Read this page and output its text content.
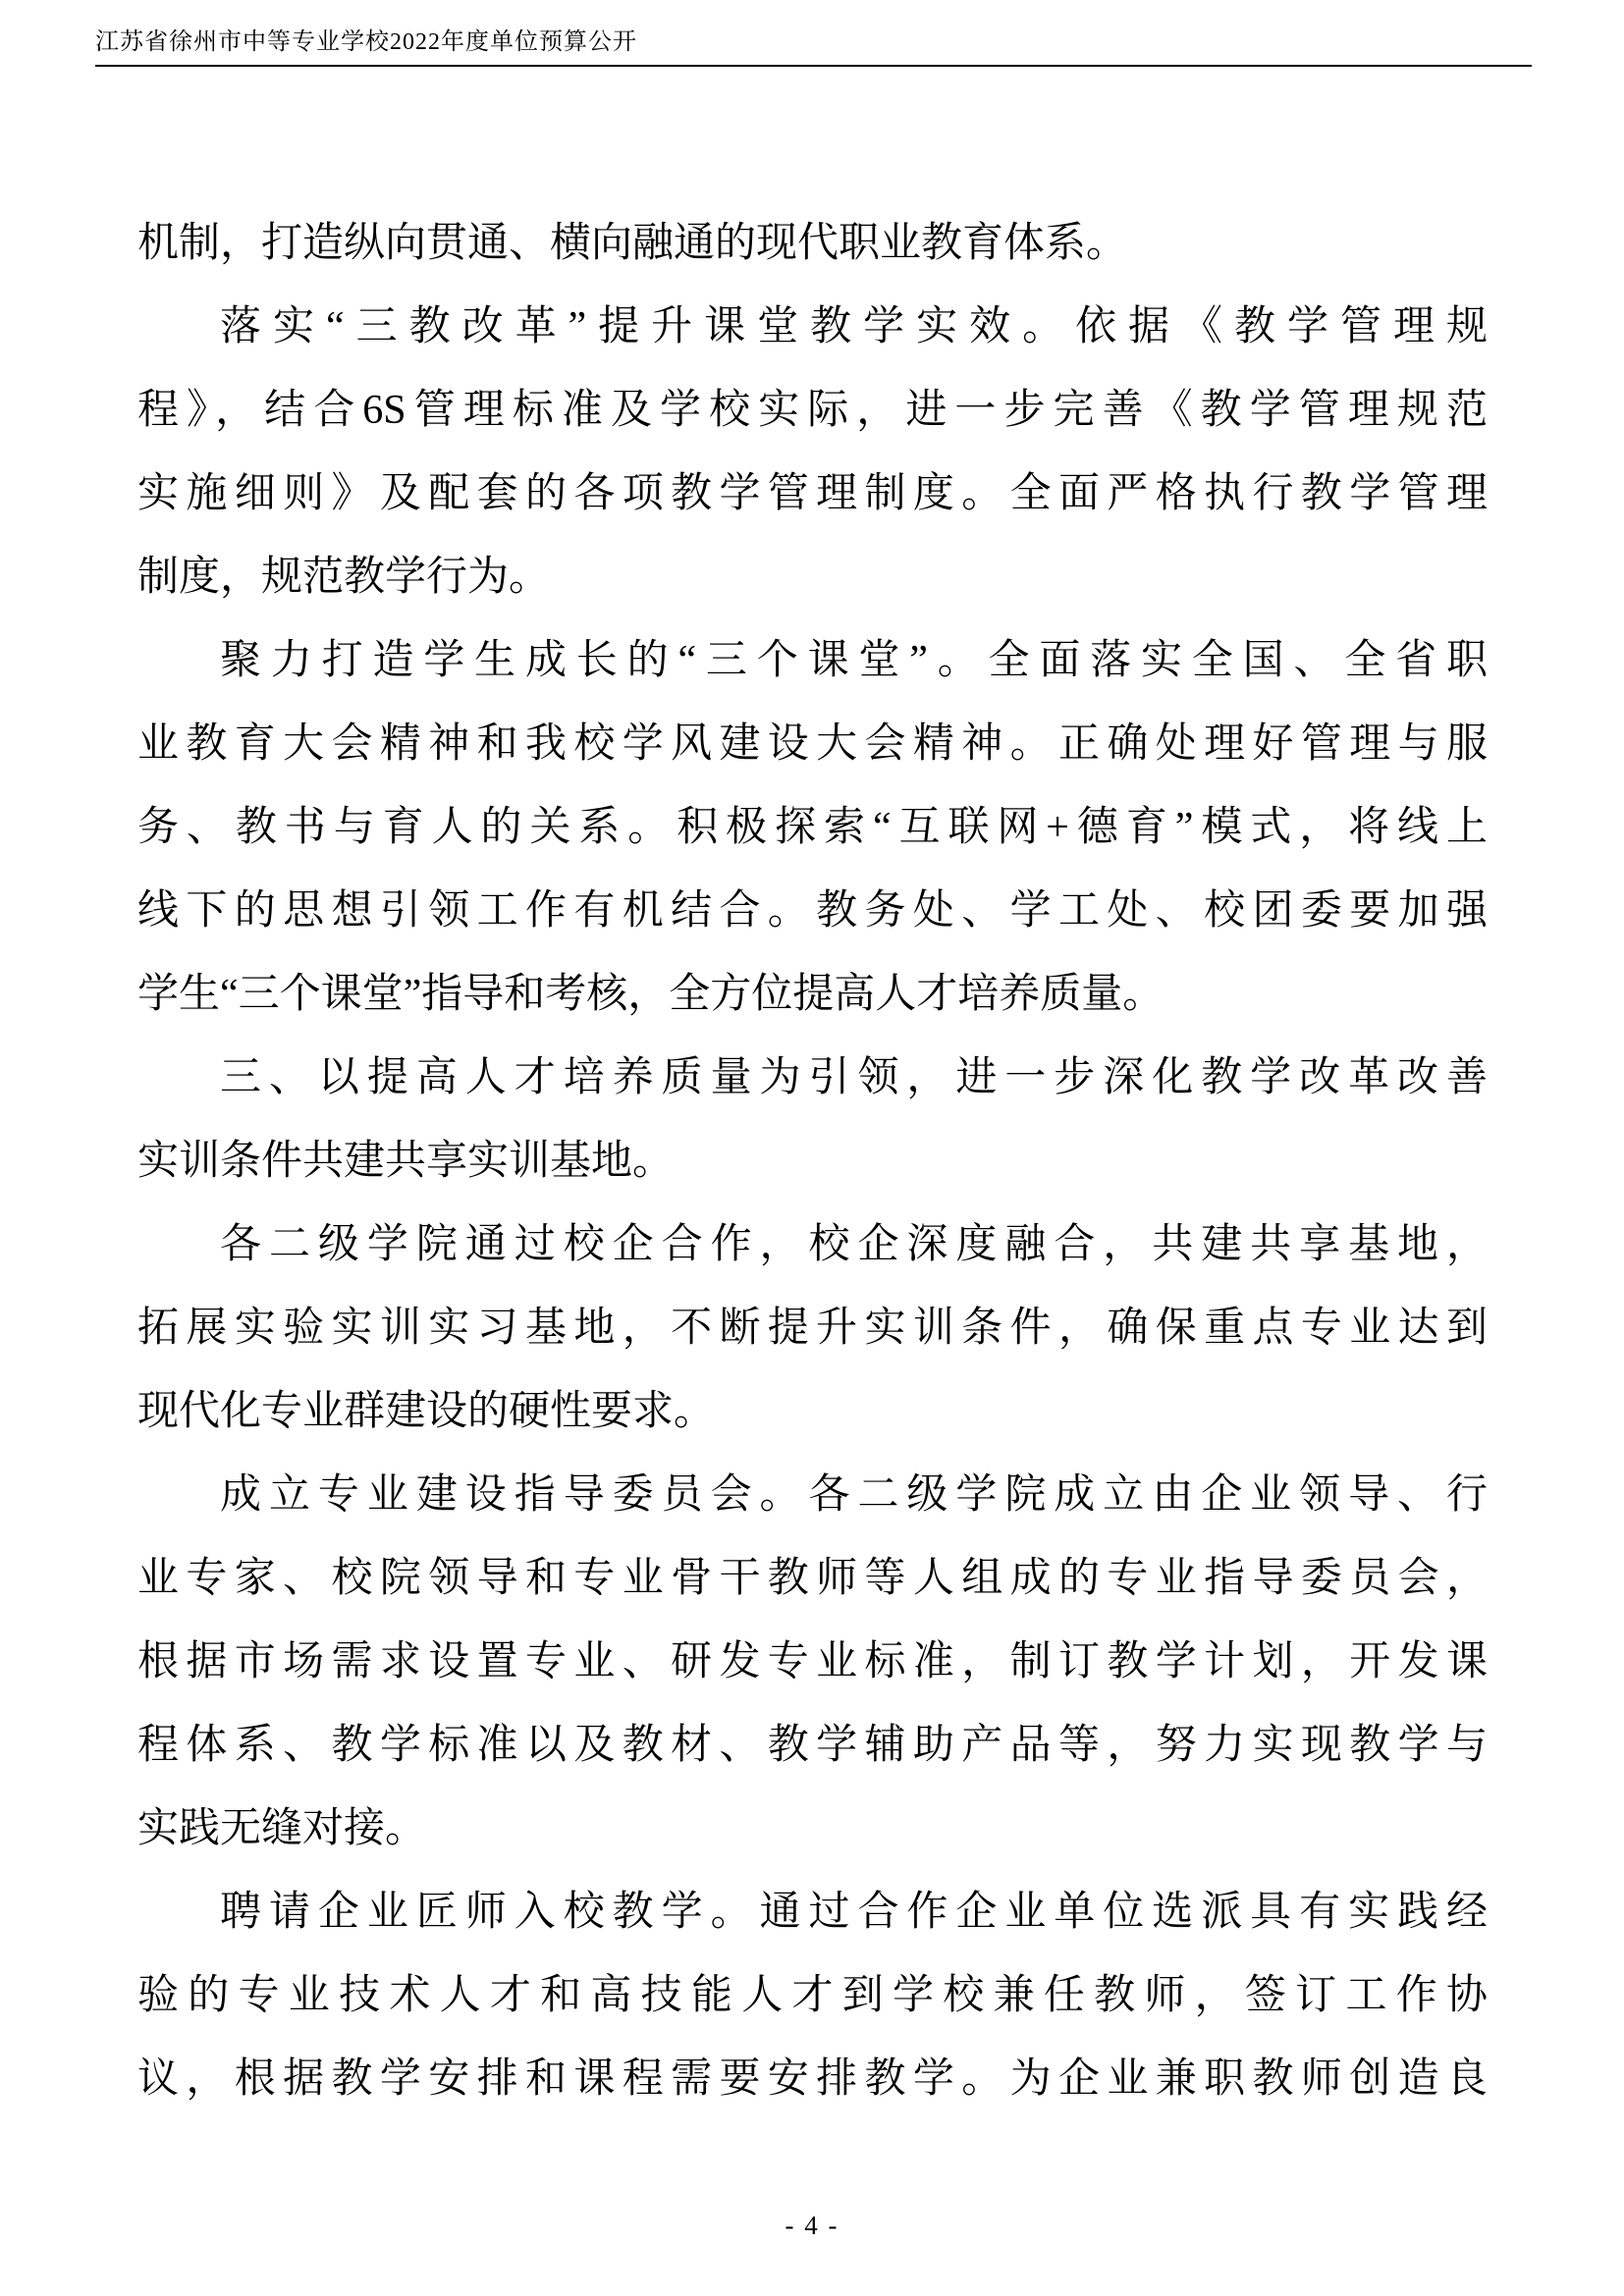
江苏省徐州市中等专业学校2022年度单位预算公开
机制，打造纵向贯通、横向融通的现代职业教育体系。
落实“三教改革”提升课堂教学实效。依据《教学管理规
程》，结合6S管理标准及学校实际，进一步完善《教学管理规范
实施细则》及配套的各项教学管理制度。全面严格执行教学管理
制度，规范教学行为。
聚力打造学生成长的“三个课堂”。全面落实全国、全省职
业教育大会精神和我校学风建设大会精神。正确处理好管理与服
务、教书与育人的关系。积极探索“互联网+德育”模式，将线上
线下的思想引领工作有机结合。教务处、学工处、校团委要加强
学生“三个课堂”指导和考核，全方位提高人才培养质量。
三、以提高人才培养质量为引领，进一步深化教学改革改善
实训条件共建共享实训基地。
各二级学院通过校企合作，校企深度融合，共建共享基地，
拓展实验实训实习基地，不断提升实训条件，确保重点专业达到
现代化专业群建设的硬性要求。
成立专业建设指导委员会。各二级学院成立由企业领导、行
业专家、校院领导和专业骨干教师等人组成的专业指导委员会，
根据市场需求设置专业、研发专业标准，制订教学计划，开发课
程体系、教学标准以及教材、教学辅助产品等，努力实现教学与
实践无缝对接。
聘请企业匠师入校教学。通过合作企业单位选派具有实践经
验的专业技术人才和高技能人才到学校兼任教师，签订工作协
议，根据教学安排和课程需要安排教学。为企业兼职教师创造良
- 4 -
